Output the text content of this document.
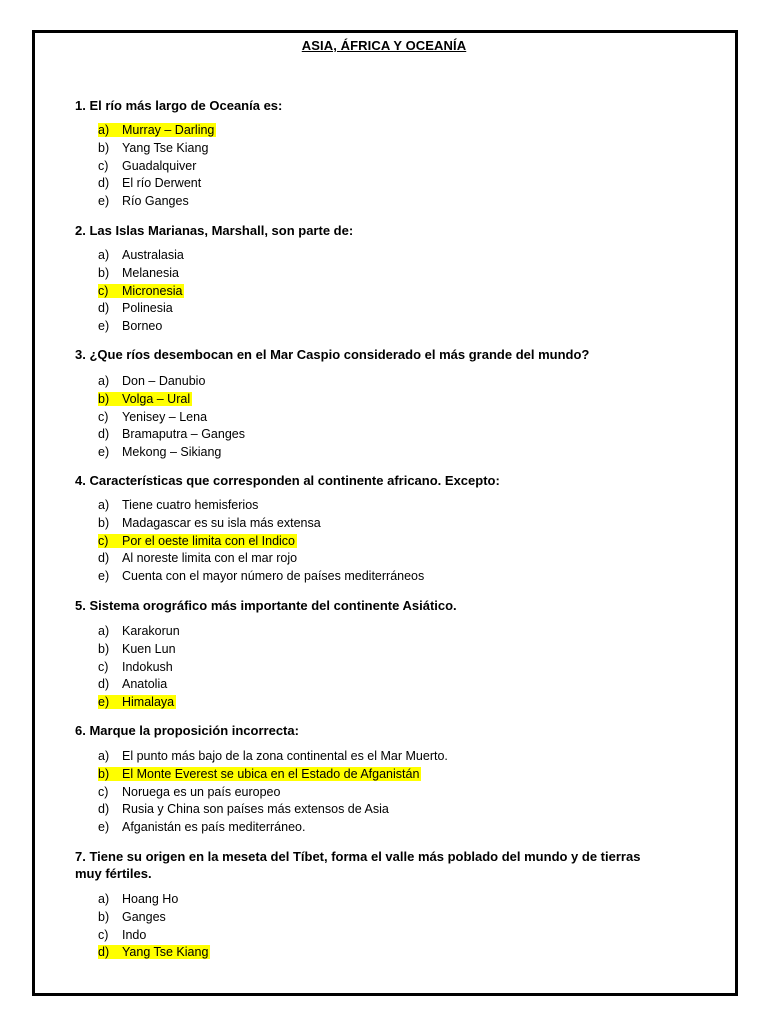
ASIA, ÁFRICA Y OCEANÍA
1. El río más largo de Oceanía es:
a) Murray – Darling
b) Yang Tse Kiang
c) Guadalquiver
d) El río Derwent
e) Río Ganges
2. Las Islas Marianas, Marshall, son parte de:
a) Australasia
b) Melanesia
c) Micronesia
d) Polinesia
e) Borneo
3. ¿Que ríos desembocan en el Mar Caspio considerado el más grande del mundo?
a) Don – Danubio
b) Volga – Ural
c) Yenisey – Lena
d) Bramaputra – Ganges
e) Mekong – Sikiang
4. Características que corresponden al continente africano. Excepto:
a) Tiene cuatro hemisferios
b) Madagascar es su isla más extensa
c) Por el oeste limita con el Indico
d) Al noreste limita con el mar rojo
e) Cuenta con el mayor número de países mediterráneos
5. Sistema orográfico más importante del continente Asiático.
a) Karakorun
b) Kuen Lun
c) Indokush
d) Anatolia
e) Himalaya
6. Marque la proposición incorrecta:
a) El punto más bajo de la zona continental es el Mar Muerto.
b) El Monte Everest se ubica en el Estado de Afganistán
c) Noruega es un país europeo
d) Rusia y China son países más extensos de Asia
e) Afganistán es país mediterráneo.
7. Tiene su origen en la meseta del Tíbet, forma el valle más poblado del mundo y de tierras muy fértiles.
a) Hoang Ho
b) Ganges
c) Indo
d) Yang Tse Kiang
